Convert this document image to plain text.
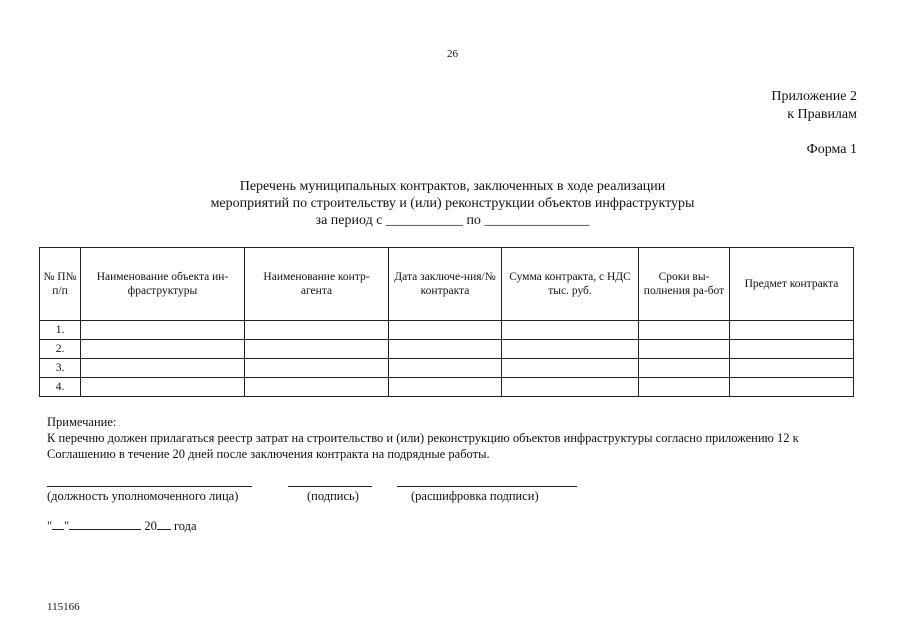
26
Приложение 2
к Правилам
Форма 1
Перечень муниципальных контрактов, заключенных в ходе реализации
мероприятий по строительству и (или) реконструкции объектов инфраструктуры
за период с ___________ по _______________
№ П№ п/п	Наименование объекта ин-фраструктуры	Наименование контр-агента	Дата заключе-ния/№ контракта	Сумма контракта, с НДС тыс. руб.	Сроки вы-полнения ра-бот	Предмет контракта
1.						
2.						
3.						
4.						
Примечание:
К перечню должен прилагаться реестр затрат на строительство и (или) реконструкцию объектов инфраструктуры согласно приложению 12 к Соглашению в течение 20 дней после заключения контракта на подрядные работы.
(должность уполномоченного лица)	(подпись)	(расшифровка подписи)
" "	20 года
115166
